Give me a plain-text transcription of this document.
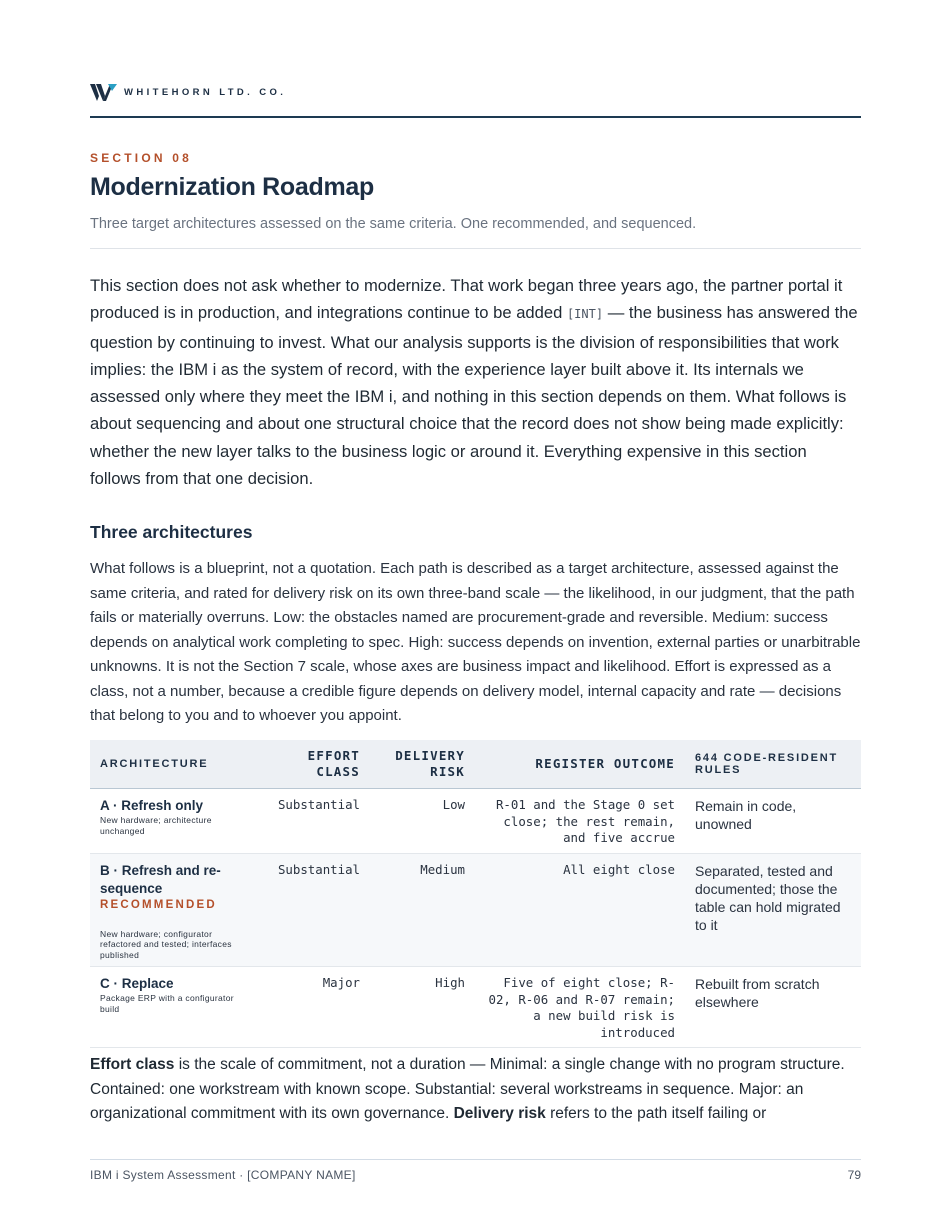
WHITEHORN LTD. CO.
SECTION 08
Modernization Roadmap
Three target architectures assessed on the same criteria. One recommended, and sequenced.

This section does not ask whether to modernize. That work began three years ago, the partner portal it produced is in production, and integrations continue to be added [INT] — the business has answered the question by continuing to invest. What our analysis supports is the division of responsibilities that work implies: the IBM i as the system of record, with the experience layer built above it. Its internals we assessed only where they meet the IBM i, and nothing in this section depends on them. What follows is about sequencing and about one structural choice that the record does not show being made explicitly: whether the new layer talks to the business logic or around it. Everything expensive in this section follows from that one decision.

Three architectures

What follows is a blueprint, not a quotation. Each path is described as a target architecture, assessed against the same criteria, and rated for delivery risk on its own three-band scale — the likelihood, in our judgment, that the path fails or materially overruns. Low: the obstacles named are procurement-grade and reversible. Medium: success depends on analytical work completing to spec. High: success depends on invention, external parties or unarbitrable unknowns. It is not the Section 7 scale, whose axes are business impact and likelihood. Effort is expressed as a class, not a number, because a credible figure depends on delivery model, internal capacity and rate — decisions that belong to you and to whoever you appoint.

ARCHITECTURE	EFFORT CLASS	DELIVERY RISK	REGISTER OUTCOME	644 CODE-RESIDENT RULES

A · Refresh only
New hardware; architecture unchanged	Substantial	Low	R-01 and the Stage 0 set close; the rest remain, and five accrue	Remain in code, unowned

B · Refresh and re-sequence
RECOMMENDED
New hardware; configurator refactored and tested; interfaces published	Substantial	Medium	All eight close	Separated, tested and documented; those the table can hold migrated to it

C · Replace
Package ERP with a configurator build	Major	High	Five of eight close; R-02, R-06 and R-07 remain; a new build risk is introduced	Rebuilt from scratch elsewhere

Effort class is the scale of commitment, not a duration — Minimal: a single change with no program structure. Contained: one workstream with known scope. Substantial: several workstreams in sequence. Major: an organizational commitment with its own governance. Delivery risk refers to the path itself failing or

IBM i System Assessment · [COMPANY NAME]	79
